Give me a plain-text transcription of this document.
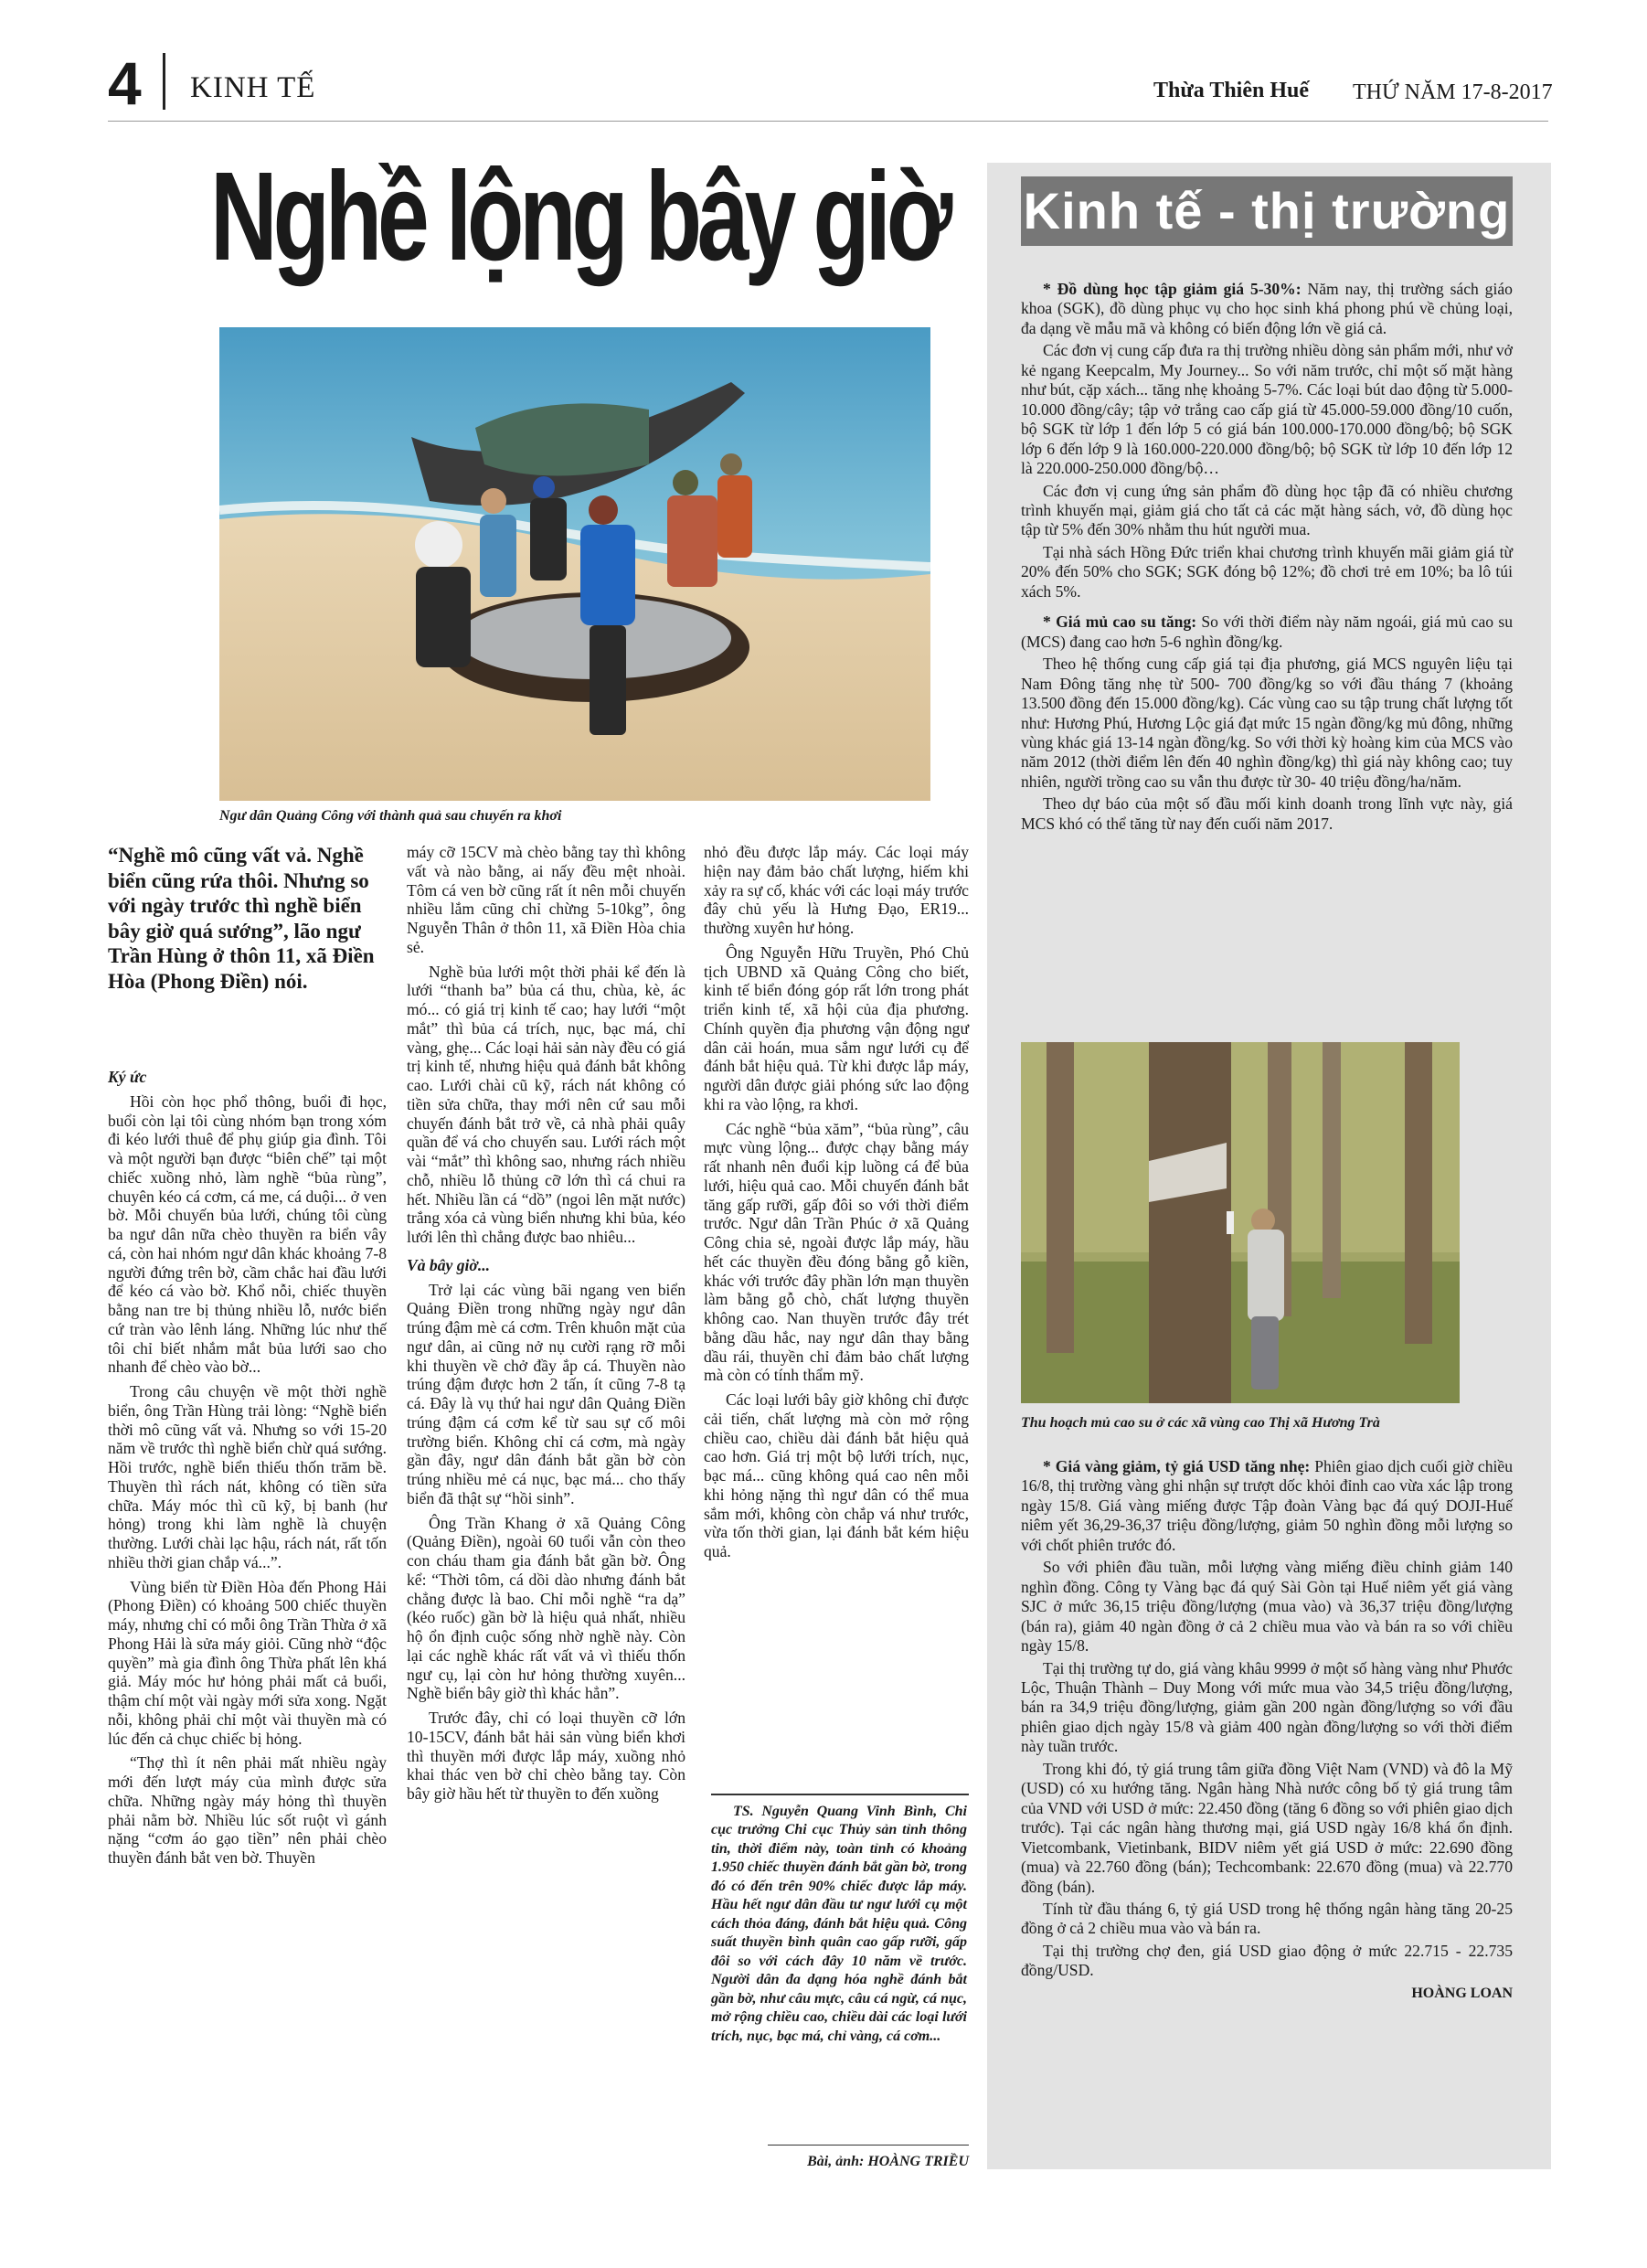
4 KINH TẾ	Thừa Thiên Huế THỨ NĂM 17-8-2017
Nghề lộng bây giờ
Ngư dân Quảng Công với thành quả sau chuyến ra khơi
“Nghề mô cũng vất vả. Nghề biển cũng rứa thôi. Nhưng so với ngày trước thì nghề biển bây giờ quá sướng”, lão ngư Trần Hùng ở thôn 11, xã Điền Hòa (Phong Điền) nói.
Ký ức

Hồi còn học phổ thông, buổi đi học, buổi còn lại tôi cùng nhóm bạn trong xóm đi kéo lưới thuê để phụ giúp gia đình. Tôi và một người bạn được “biên chế” tại một chiếc xuồng nhỏ, làm nghề “bủa rùng”, chuyên kéo cá cơm, cá me, cá duội... ở ven bờ. Mỗi chuyến bủa lưới, chúng tôi cùng ba ngư dân nữa chèo thuyền ra biển vây cá, còn hai nhóm ngư dân khác khoảng 7-8 người đứng trên bờ, cầm chắc hai đầu lưới để kéo cá vào bờ. Khổ nỗi, chiếc thuyền bằng nan tre bị thủng nhiều lỗ, nước biển cứ tràn vào lênh láng. Những lúc như thế tôi chỉ biết nhắm mắt bủa lưới sao cho nhanh để chèo vào bờ...

Trong câu chuyện về một thời nghề biển, ông Trần Hùng trải lòng: “Nghề biển thời mô cũng vất vả. Nhưng so với 15-20 năm về trước thì nghề biển chừ quá sướng. Hồi trước, nghề biển thiếu thốn trăm bề. Thuyền thì rách nát, không có tiền sửa chữa. Máy móc thì cũ kỹ, bị banh (hư hỏng) trong khi làm nghề là chuyện thường. Lưới chài lạc hậu, rách nát, rất tốn nhiều thời gian chắp vá...”.

Vùng biển từ Điền Hòa đến Phong Hải (Phong Điền) có khoảng 500 chiếc thuyền máy, nhưng chỉ có mỗi ông Trần Thừa ở xã Phong Hải là sửa máy giỏi. Cũng nhờ “độc quyền” mà gia đình ông Thừa phất lên khá giả. Máy móc hư hỏng phải mất cả buổi, thậm chí một vài ngày mới sửa xong. Ngặt nỗi, không phải chỉ một vài thuyền mà có lúc đến cả chục chiếc bị hỏng.

“Thợ thì ít nên phải mất nhiều ngày mới đến lượt máy của mình được sửa chữa. Những ngày máy hỏng thì thuyền phải nằm bờ. Nhiều lúc sốt ruột vì gánh nặng “cơm áo gạo tiền” nên phải chèo thuyền đánh bắt ven bờ. Thuyền

máy cỡ 15CV mà chèo bằng tay thì không vất và nào bằng, ai nấy đều mệt nhoài. Tôm cá ven bờ cũng rất ít nên mỗi chuyến nhiều lắm cũng chỉ chừng 5-10kg”, ông Nguyễn Thân ở thôn 11, xã Điền Hòa chia sẻ.

Nghề bủa lưới một thời phải kể đến là lưới “thanh ba” bủa cá thu, chùa, kè, ác mó... có giá trị kinh tế cao; hay lưới “một mắt” thì bủa cá trích, nục, bạc má, chỉ vàng, ghẹ... Các loại hải sản này đều có giá trị kinh tế, nhưng hiệu quả đánh bắt không cao. Lưới chài cũ kỹ, rách nát không có tiền sửa chữa, thay mới nên cứ sau mỗi chuyến đánh bắt trở về, cả nhà phải quây quần để vá cho chuyến sau. Lưới rách một vài “mắt” thì không sao, nhưng rách nhiều chỗ, nhiều lỗ thủng cỡ lớn thì cá chui ra hết. Nhiều lần cá “dồ” (ngoi lên mặt nước) trắng xóa cả vùng biển nhưng khi bủa, kéo lưới lên thì chẳng được bao nhiêu...

Và bây giờ...

Trở lại các vùng bãi ngang ven biển Quảng Điền trong những ngày ngư dân trúng đậm mè cá cơm. Trên khuôn mặt của ngư dân, ai cũng nở nụ cười rạng rỡ mỗi khi thuyền về chở đầy ắp cá. Thuyền nào trúng đậm được hơn 2 tấn, ít cũng 7-8 tạ cá. Đây là vụ thứ hai ngư dân Quảng Điền trúng đậm cá cơm kể từ sau sự cố môi trường biển. Không chỉ cá cơm, mà ngày gần đây, ngư dân đánh bắt gần bờ còn trúng nhiều mẻ cá nục, bạc má... cho thấy biển đã thật sự “hồi sinh”.

Ông Trần Khang ở xã Quảng Công (Quảng Điền), ngoài 60 tuổi vẫn còn theo con cháu tham gia đánh bắt gần bờ. Ông kể: “Thời tôm, cá dồi dào nhưng đánh bắt chẳng được là bao. Chỉ mỗi nghề “ra dạ” (kéo ruốc) gần bờ là hiệu quả nhất, nhiều hộ ổn định cuộc sống nhờ nghề này. Còn lại các nghề khác rất vất vả vì thiếu thốn ngư cụ, lại còn hư hỏng thường xuyên... Nghề biển bây giờ thì khác hẳn”.

Trước đây, chỉ có loại thuyền cỡ lớn 10-15CV, đánh bắt hải sản vùng biển khơi thì thuyền mới được lắp máy, xuồng nhỏ khai thác ven bờ chỉ chèo bằng tay. Còn bây giờ hầu hết từ thuyền to đến xuồng

nhỏ đều được lắp máy. Các loại máy hiện nay đảm bảo chất lượng, hiếm khi xảy ra sự cố, khác với các loại máy trước đây chủ yếu là Hưng Đạo, ER19... thường xuyên hư hỏng.

Ông Nguyễn Hữu Truyền, Phó Chủ tịch UBND xã Quảng Công cho biết, kinh tế biển đóng góp rất lớn trong phát triển kinh tế, xã hội của địa phương. Chính quyền địa phương vận động ngư dân cải hoán, mua sắm ngư lưới cụ để đánh bắt hiệu quả. Từ khi được lắp máy, người dân được giải phóng sức lao động khi ra vào lộng, ra khơi.

Các nghề “bủa xăm”, “bủa rùng”, câu mực vùng lộng... được chạy bằng máy rất nhanh nên đuổi kịp luồng cá để bủa lưới, hiệu quả cao. Mỗi chuyến đánh bắt tăng gấp rưỡi, gấp đôi so với thời điểm trước. Ngư dân Trần Phúc ở xã Quảng Công chia sẻ, ngoài được lắp máy, hầu hết các thuyền đều đóng bằng gỗ kiền, khác với trước đây phần lớn mạn thuyền làm bằng gỗ chò, chất lượng thuyền không cao. Nan thuyền trước đây trét bằng dầu hắc, nay ngư dân thay bằng dầu rái, thuyền chỉ đảm bảo chất lượng mà còn có tính thẩm mỹ.

Các loại lưới bây giờ không chỉ được cải tiến, chất lượng mà còn mở rộng chiều cao, chiều dài đánh bắt hiệu quả cao hơn. Giá trị một bộ lưới trích, nục, bạc má... cũng không quá cao nên mỗi khi hỏng nặng thì ngư dân có thể mua sắm mới, không còn chắp vá như trước, vừa tốn thời gian, lại đánh bắt kém hiệu quả.

TS. Nguyễn Quang Vinh Bình, Chi cục trưởng Chi cục Thủy sản tỉnh thông tin, thời điểm này, toàn tỉnh có khoảng 1.950 chiếc thuyền đánh bắt gần bờ, trong đó có đến trên 90% chiếc được lắp máy. Hầu hết ngư dân đầu tư ngư lưới cụ một cách thỏa đáng, đánh bắt hiệu quả. Công suất thuyền bình quân cao gấp rưỡi, gấp đôi so với cách đây 10 năm về trước. Người dân đa dạng hóa nghề đánh bắt gần bờ, như câu mực, câu cá ngừ, cá nục, mở rộng chiều cao, chiều dài các loại lưới trích, nục, bạc má, chỉ vàng, cá cơm...
Bài, ảnh: HOÀNG TRIỀU
Kinh tế - thị trường

* Đồ dùng học tập giảm giá 5-30%: Năm nay, thị trường sách giáo khoa (SGK), đồ dùng phục vụ cho học sinh khá phong phú về chủng loại, đa dạng về mẫu mã và không có biến động lớn về giá cả.

Các đơn vị cung cấp đưa ra thị trường nhiều dòng sản phẩm mới, như vở kẻ ngang Keepcalm, My Journey... So với năm trước, chỉ một số mặt hàng như bút, cặp xách... tăng nhẹ khoảng 5-7%. Các loại bút dao động từ 5.000-10.000 đồng/cây; tập vở trắng cao cấp giá từ 45.000-59.000 đồng/10 cuốn, bộ SGK từ lớp 1 đến lớp 5 có giá bán 100.000-170.000 đồng/bộ; bộ SGK lớp 6 đến lớp 9 là 160.000-220.000 đồng/bộ; bộ SGK từ lớp 10 đến lớp 12 là 220.000-250.000 đồng/bộ…

Các đơn vị cung ứng sản phẩm đồ dùng học tập đã có nhiều chương trình khuyến mại, giảm giá cho tất cả các mặt hàng sách, vở, đồ dùng học tập từ 5% đến 30% nhằm thu hút người mua.

Tại nhà sách Hồng Đức triển khai chương trình khuyến mãi giảm giá từ 20% đến 50% cho SGK; SGK đóng bộ 12%; đồ chơi trẻ em 10%; ba lô túi xách 5%.

* Giá mủ cao su tăng: So với thời điểm này năm ngoái, giá mủ cao su (MCS) đang cao hơn 5-6 nghìn đồng/kg.

Theo hệ thống cung cấp giá tại địa phương, giá MCS nguyên liệu tại Nam Đông tăng nhẹ từ 500- 700 đồng/kg so với đầu tháng 7 (khoảng 13.500 đồng đến 15.000 đồng/kg). Các vùng cao su tập trung chất lượng tốt như: Hương Phú, Hương Lộc giá đạt mức 15 ngàn đồng/kg mủ đông, những vùng khác giá 13-14 ngàn đồng/kg. So với thời kỳ hoàng kim của MCS vào năm 2012 (thời điểm lên đến 40 nghìn đồng/kg) thì giá này không cao; tuy nhiên, người trồng cao su vẫn thu được từ 30- 40 triệu đồng/ha/năm.

Theo dự báo của một số đầu mối kinh doanh trong lĩnh vực này, giá MCS khó có thể tăng từ nay đến cuối năm 2017.

Thu hoạch mủ cao su ở các xã vùng cao Thị xã Hương Trà

* Giá vàng giảm, tỷ giá USD tăng nhẹ: Phiên giao dịch cuối giờ chiều 16/8, thị trường vàng ghi nhận sự trượt dốc khỏi đỉnh cao vừa xác lập trong ngày 15/8. Giá vàng miếng được Tập đoàn Vàng bạc đá quý DOJI-Huế niêm yết 36,29-36,37 triệu đồng/lượng, giảm 50 nghìn đồng mỗi lượng so với chốt phiên trước đó.

So với phiên đầu tuần, mỗi lượng vàng miếng điều chỉnh giảm 140 nghìn đồng. Công ty Vàng bạc đá quý Sài Gòn tại Huế niêm yết giá vàng SJC ở mức 36,15 triệu đồng/lượng (mua vào) và 36,37 triệu đồng/lượng (bán ra), giảm 40 ngàn đồng ở cả 2 chiều mua vào và bán ra so với chiều ngày 15/8.

Tại thị trường tự do, giá vàng khâu 9999 ở một số hàng vàng như Phước Lộc, Thuận Thành – Duy Mong với mức mua vào 34,5 triệu đồng/lượng, bán ra 34,9 triệu đồng/lượng, giảm gần 200 ngàn đồng/lượng so với đầu phiên giao dịch ngày 15/8 và giảm 400 ngàn đồng/lượng so với thời điểm này tuần trước.

Trong khi đó, tỷ giá trung tâm giữa đồng Việt Nam (VND) và đô la Mỹ (USD) có xu hướng tăng. Ngân hàng Nhà nước công bố tỷ giá trung tâm của VND với USD ở mức: 22.450 đồng (tăng 6 đồng so với phiên giao dịch trước). Tại các ngân hàng thương mại, giá USD ngày 16/8 khá ổn định. Vietcombank, Vietinbank, BIDV niêm yết giá USD ở mức: 22.690 đồng (mua) và 22.760 đồng (bán); Techcombank: 22.670 đồng (mua) và 22.770 đồng (bán).

Tính từ đầu tháng 6, tỷ giá USD trong hệ thống ngân hàng tăng 20-25 đồng ở cả 2 chiều mua vào và bán ra.

Tại thị trường chợ đen, giá USD giao động ở mức 22.715 - 22.735 đồng/USD.

HOÀNG LOAN
